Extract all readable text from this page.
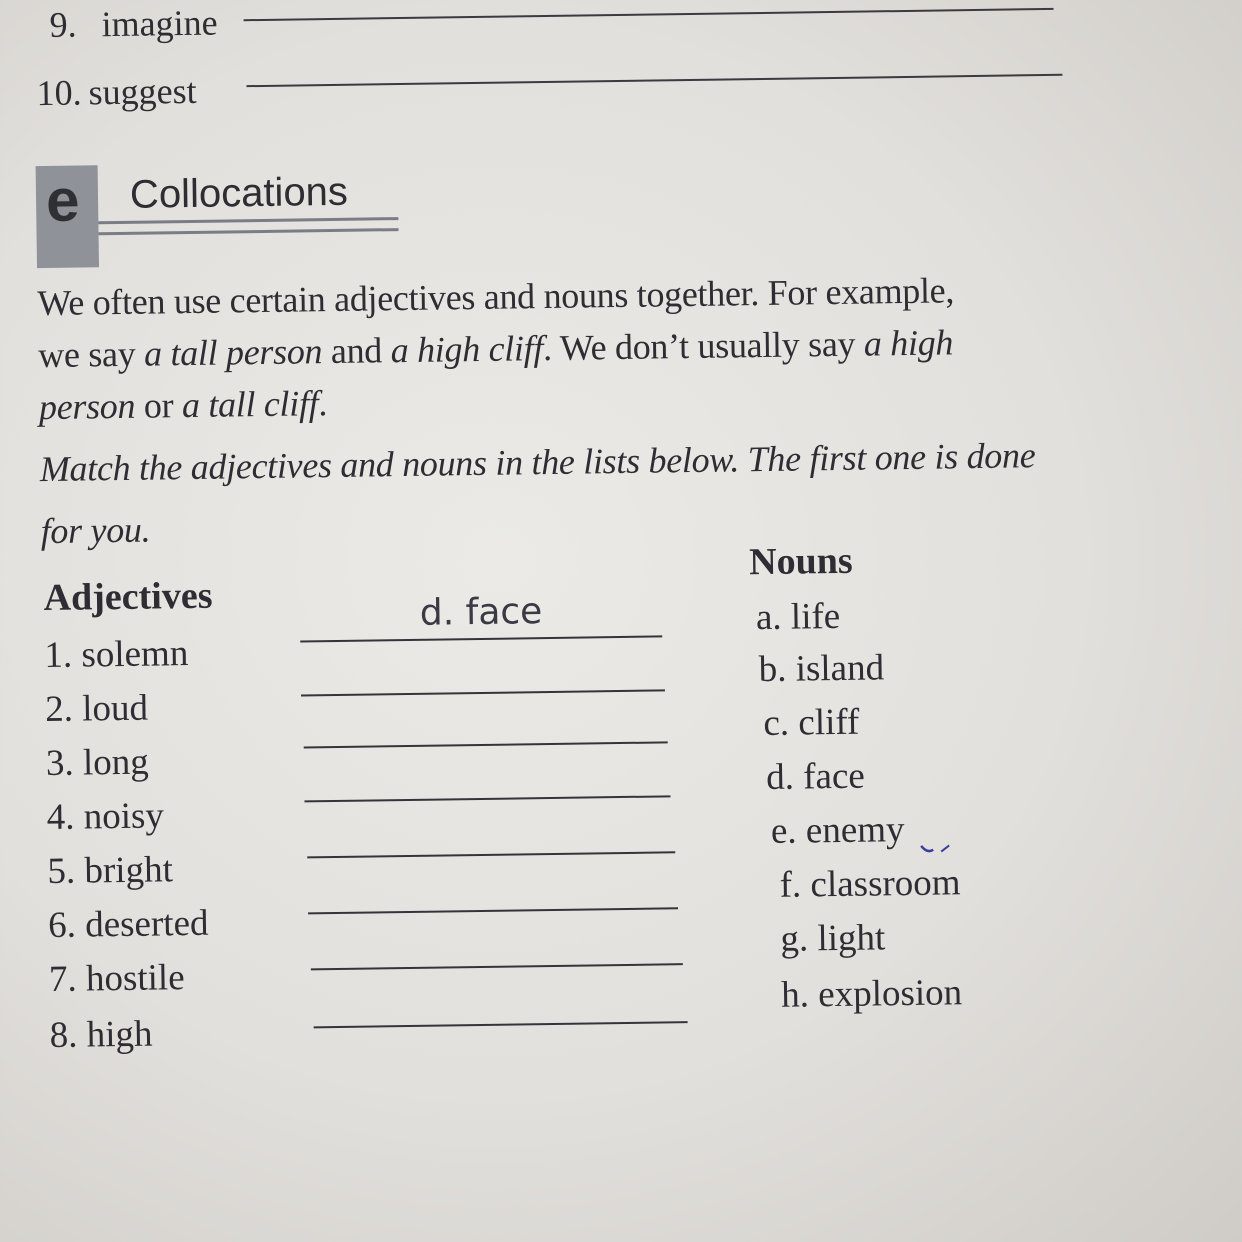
9. imagine
10. suggest
e Collocations

We often use certain adjectives and nouns together. For example,

we say a tall person and a high cliff. We don’t usually say a high

person or a tall cliff.

Match the adjectives and nouns in the lists below. The first one is done

for you.

Adjectives
1. solemn
d. face
2. loud
3. long
4. noisy
5. bright
6. deserted
7. hostile
8. high
Nouns
a. life
b. island
c. cliff
d. face
e. enemy
f. classroom
g. light
h. explosion
